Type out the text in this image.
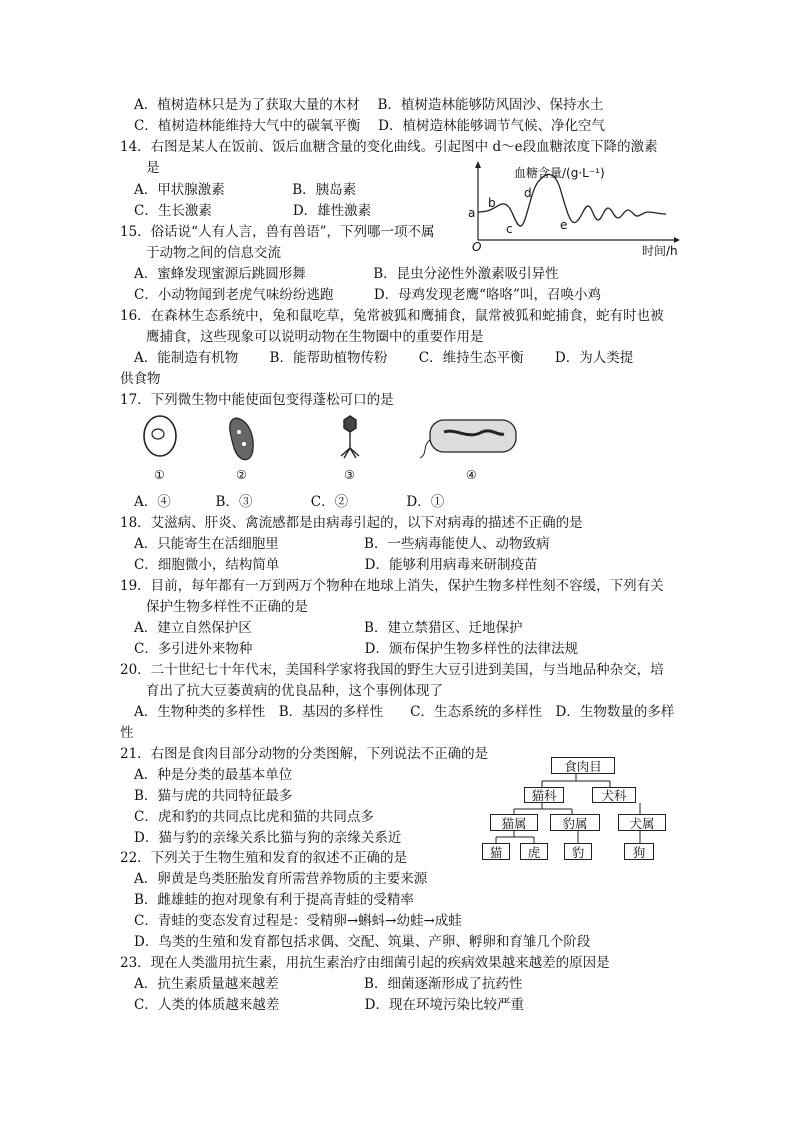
A．植树造林只是为了获取大量的木材　 B．植树造林能够防风固沙、保持水土
C．植树造林能维持大气中的碳氧平衡　 D．植树造林能够调节气候、净化空气
14．右图是某人在饭前、饭后血糖含量的变化曲线。引起图中 d～e段血糖浓度下降的激素
是
A．甲状腺激素　　　　　B．胰岛素
C．生长激素　　　　　　D．雄性激素
血糖含量/(g·L⁻¹)
时间/h
O
a
b
c
d
e
15．俗话说“人有人言，兽有兽语”，下列哪一项不属
于动物之间的信息交流
A．蜜蜂发现蜜源后跳圆形舞　　　　　B．昆虫分泌性外激素吸引异性
C．小动物闻到老虎气味纷纷逃跑　　　D．母鸡发现老鹰“咯咯”叫，召唤小鸡
16．在森林生态系统中，兔和鼠吃草，兔常被狐和鹰捕食，鼠常被狐和蛇捕食，蛇有时也被
鹰捕食，这些现象可以说明动物在生物圈中的重要作用是
A．能制造有机物　　 B．能帮助植物传粉　　 C．维持生态平衡　　 D．为人类提
供食物
17．下列微生物中能使面包变得蓬松可口的是
①	②	③	④
A．④　　　 B．③　　　　 C．②　　　　 D．①
18．艾滋病、肝炎、禽流感都是由病毒引起的，以下对病毒的描述不正确的是
A．只能寄生在活细胞里　　　　　　 B．一些病毒能使人、动物致病
C．细胞微小，结构简单　　　　　　 D．能够利用病毒来研制疫苗
19．目前，每年都有一万到两万个物种在地球上消失，保护生物多样性刻不容缓，下列有关
保护生物多样性不正确的是
A．建立自然保护区　　　　　　　　 B．建立禁猎区、迁地保护
C．多引进外来物种　　　　　　　　 D．颁布保护生物多样性的法律法规
20．二十世纪七十年代末，美国科学家将我国的野生大豆引进到美国，与当地品种杂交，培
育出了抗大豆萎黄病的优良品种，这个事例体现了
A．生物种类的多样性　B．基因的多样性　　C．生态系统的多样性　D．生物数量的多样
性
21．右图是食肉目部分动物的分类图解，下列说法不正确的是
A．种是分类的最基本单位
B．猫与虎的共同特征最多
C．虎和豹的共同点比虎和猫的共同点多
D．猫与豹的亲缘关系比猫与狗的亲缘关系近
食肉目
猫科	犬科
猫属	豹属	犬属
猫	虎	豹	狗
22．下列关于生物生殖和发育的叙述不正确的是
A．卵黄是鸟类胚胎发育所需营养物质的主要来源
B．雌雄蛙的抱对现象有利于提高青蛙的受精率
C．青蛙的变态发育过程是：受精卵→蝌蚪→幼蛙→成蛙
D．鸟类的生殖和发育都包括求偶、交配、筑巢、产卵、孵卵和育雏几个阶段
23．现在人类滥用抗生素，用抗生素治疗由细菌引起的疾病效果越来越差的原因是
A．抗生素质量越来越差　　　　　　 B．细菌逐渐形成了抗药性
C．人类的体质越来越差　　　　　　 D．现在环境污染比较严重
